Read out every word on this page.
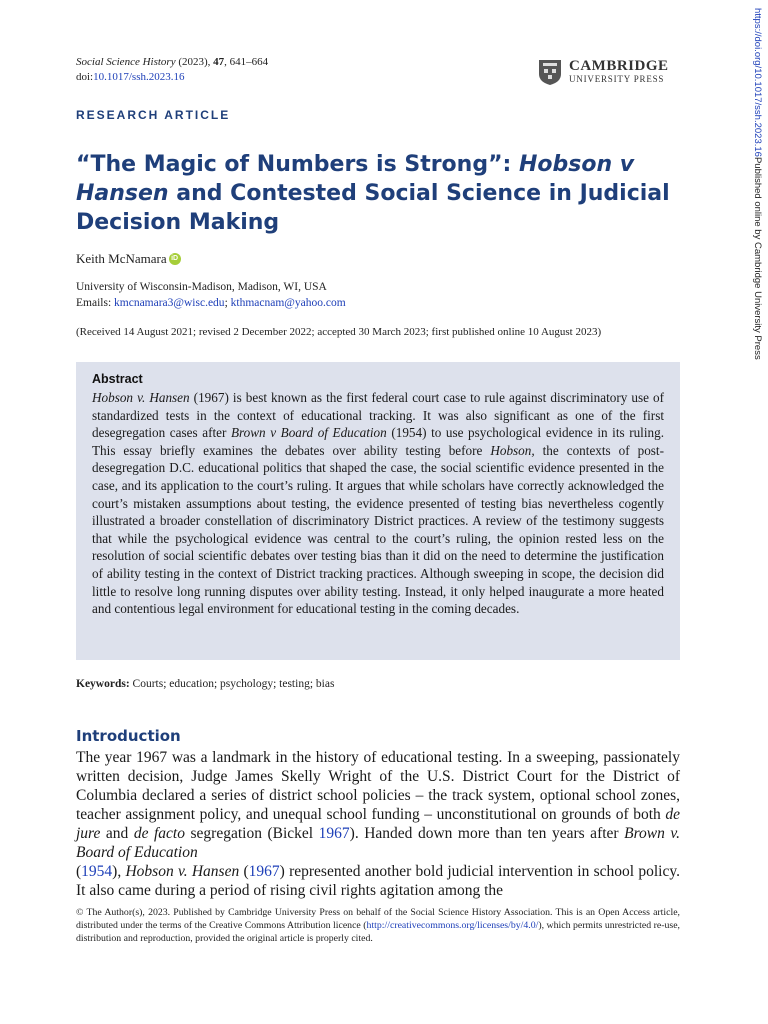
Social Science History (2023), 47, 641–664
doi:10.1017/ssh.2023.16
CAMBRIDGE
UNIVERSITY PRESS	https://doi.org/10.1017/ssh.2023.16Published online by Cambridge University Press
RESEARCH ARTICLE
“The Magic of Numbers is Strong”: Hobson v Hansen and Contested Social Science in Judicial Decision Making
Keith McNamara iD
University of Wisconsin-Madison, Madison, WI, USA
Emails: kmcnamara3@wisc.edu; kthmacnam@yahoo.com
(Received 14 August 2021; revised 2 December 2022; accepted 30 March 2023; first published online 10 August 2023)
Abstract
Hobson v. Hansen (1967) is best known as the first federal court case to rule against discriminatory use of standardized tests in the context of educational tracking. It was also significant as one of the first desegregation cases after Brown v Board of Education (1954) to use psychological evidence in its ruling. This essay briefly examines the debates over ability testing before Hobson, the contexts of post-desegregation D.C. educational politics that shaped the case, the social scientific evidence presented in the case, and its application to the court’s ruling. It argues that while scholars have correctly acknowledged the court’s mistaken assumptions about testing, the evidence presented of testing bias nevertheless cogently illustrated a broader constellation of discriminatory District practices. A review of the testimony suggests that while the psychological evidence was central to the court’s ruling, the opinion rested less on the resolution of social scientific debates over testing bias than it did on the need to determine the justification of ability testing in the context of District tracking practices. Although sweeping in scope, the decision did little to resolve long running disputes over ability testing. Instead, it only helped inaugurate a more heated and contentious legal environment for educational testing in the coming decades.
Keywords: Courts; education; psychology; testing; bias
Introduction
The year 1967 was a landmark in the history of educational testing. In a sweeping, passionately written decision, Judge James Skelly Wright of the U.S. District Court for the District of Columbia declared a series of district school policies – the track system, optional school zones, teacher assignment policy, and unequal school funding – unconstitutional on grounds of both de jure and de facto segregation (Bickel 1967). Handed down more than ten years after Brown v. Board of Education
(1954), Hobson v. Hansen (1967) represented another bold judicial intervention in school policy. It also came during a period of rising civil rights agitation among the
© The Author(s), 2023. Published by Cambridge University Press on behalf of the Social Science History Association. This is an Open Access article, distributed under the terms of the Creative Commons Attribution licence (http://creativecommons.org/licenses/by/4.0/), which permits unrestricted re-use, distribution and reproduction, provided the original article is properly cited.
